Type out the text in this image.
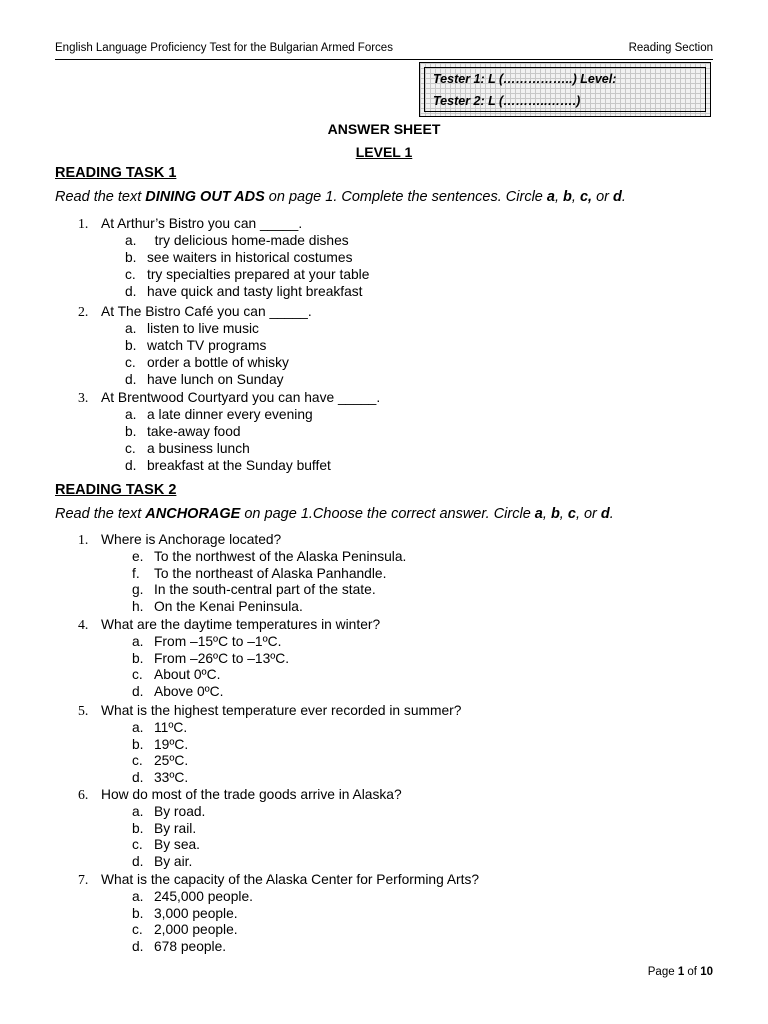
English Language Proficiency Test for the Bulgarian Armed Forces	Reading Section
Tester 1: L (……………..) Level:
Tester 2: L (………..…….)
ANSWER SHEET
LEVEL 1
READING TASK 1
Read the text DINING OUT ADS on page 1. Complete the sentences. Circle a, b, c, or d.
1. At Arthur’s Bistro you can _____.
a.  try delicious home-made dishes
b. see waiters in historical costumes
c. try specialties prepared at your table
d. have quick and tasty light breakfast
2. At The Bistro Café you can _____.
a. listen to live music
b. watch TV programs
c. order a bottle of whisky
d. have lunch on Sunday
3. At Brentwood Courtyard you can have _____.
a. a late dinner every evening
b. take-away food
c. a business lunch
d. breakfast at the Sunday buffet
READING TASK 2
Read the text ANCHORAGE on page 1.Choose the correct answer. Circle a, b, c, or d.
1. Where is Anchorage located?
e. To the northwest of the Alaska Peninsula.
f. To the northeast of Alaska Panhandle.
g. In the south-central part of the state.
h. On the Kenai Peninsula.
4. What are the daytime temperatures in winter?
a. From –15ºC to –1ºC.
b. From –26ºC to –13ºC.
c. About 0ºC.
d. Above 0ºC.
5. What is the highest temperature ever recorded in summer?
a. 11ºC.
b. 19ºC.
c. 25ºC.
d. 33ºC.
6. How do most of the trade goods arrive in Alaska?
a. By road.
b. By rail.
c. By sea.
d. By air.
7. What is the capacity of the Alaska Center for Performing Arts?
a. 245,000 people.
b. 3,000 people.
c. 2,000 people.
d. 678 people.
Page 1 of 10
